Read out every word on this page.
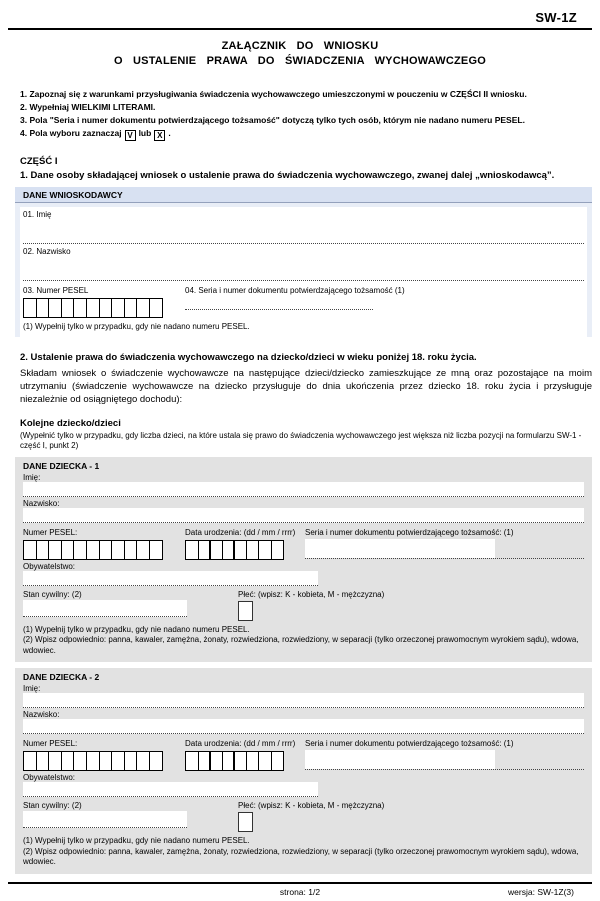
SW-1Z
ZAŁĄCZNIK DO WNIOSKU
O USTALENIE PRAWA DO ŚWIADCZENIA WYCHOWAWCZEGO
1. Zapoznaj się z warunkami przysługiwania świadczenia wychowawczego umieszczonymi w pouczeniu w CZĘŚCI II wniosku.
2. Wypełniaj WIELKIMI LITERAMI.
3. Pola "Seria i numer dokumentu potwierdzającego tożsamość" dotyczą tylko tych osób, którym nie nadano numeru PESEL.
4. Pola wyboru zaznaczaj V lub X .
CZĘŚĆ I
1. Dane osoby składającej wniosek o ustalenie prawa do świadczenia wychowawczego, zwanej dalej „wnioskodawcą”.
DANE WNIOSKODAWCY
01. Imię
02. Nazwisko
03. Numer PESEL	04. Seria i numer dokumentu potwierdzającego tożsamość (1)
(1) Wypełnij tylko w przypadku, gdy nie nadano numeru PESEL.
2. Ustalenie prawa do świadczenia wychowawczego na dziecko/dzieci w wieku poniżej 18. roku życia.
Składam wniosek o świadczenie wychowawcze na następujące dzieci/dziecko zamieszkujące ze mną oraz pozostające na moim utrzymaniu (świadczenie wychowawcze na dziecko przysługuje do dnia ukończenia przez dziecko 18. roku życia i przysługuje niezależnie od osiągniętego dochodu):
Kolejne dziecko/dzieci
(Wypełnić tylko w przypadku, gdy liczba dzieci, na które ustala się prawo do świadczenia wychowawczego jest większa niż liczba pozycji na formularzu SW-1 - część I, punkt 2)
DANE DZIECKA - 1
Imię:
Nazwisko:
Numer PESEL:	Data urodzenia: (dd / mm / rrrr)	Seria i numer dokumentu potwierdzającego tożsamość: (1)
Obywatelstwo:
Stan cywilny: (2)	Płeć: (wpisz: K - kobieta, M - mężczyzna)
(1) Wypełnij tylko w przypadku, gdy nie nadano numeru PESEL.
(2) Wpisz odpowiednio: panna, kawaler, zamężna, żonaty, rozwiedziona, rozwiedziony, w separacji (tylko orzeczonej prawomocnym wyrokiem sądu), wdowa, wdowiec.
DANE DZIECKA - 2
Imię:
Nazwisko:
Numer PESEL:	Data urodzenia: (dd / mm / rrrr)	Seria i numer dokumentu potwierdzającego tożsamość: (1)
Obywatelstwo:
Stan cywilny: (2)	Płeć: (wpisz: K - kobieta, M - mężczyzna)
(1) Wypełnij tylko w przypadku, gdy nie nadano numeru PESEL.
(2) Wpisz odpowiednio: panna, kawaler, zamężna, żonaty, rozwiedziona, rozwiedziony, w separacji (tylko orzeczonej prawomocnym wyrokiem sądu), wdowa, wdowiec.
strona: 1/2	wersja: SW-1Z(3)
